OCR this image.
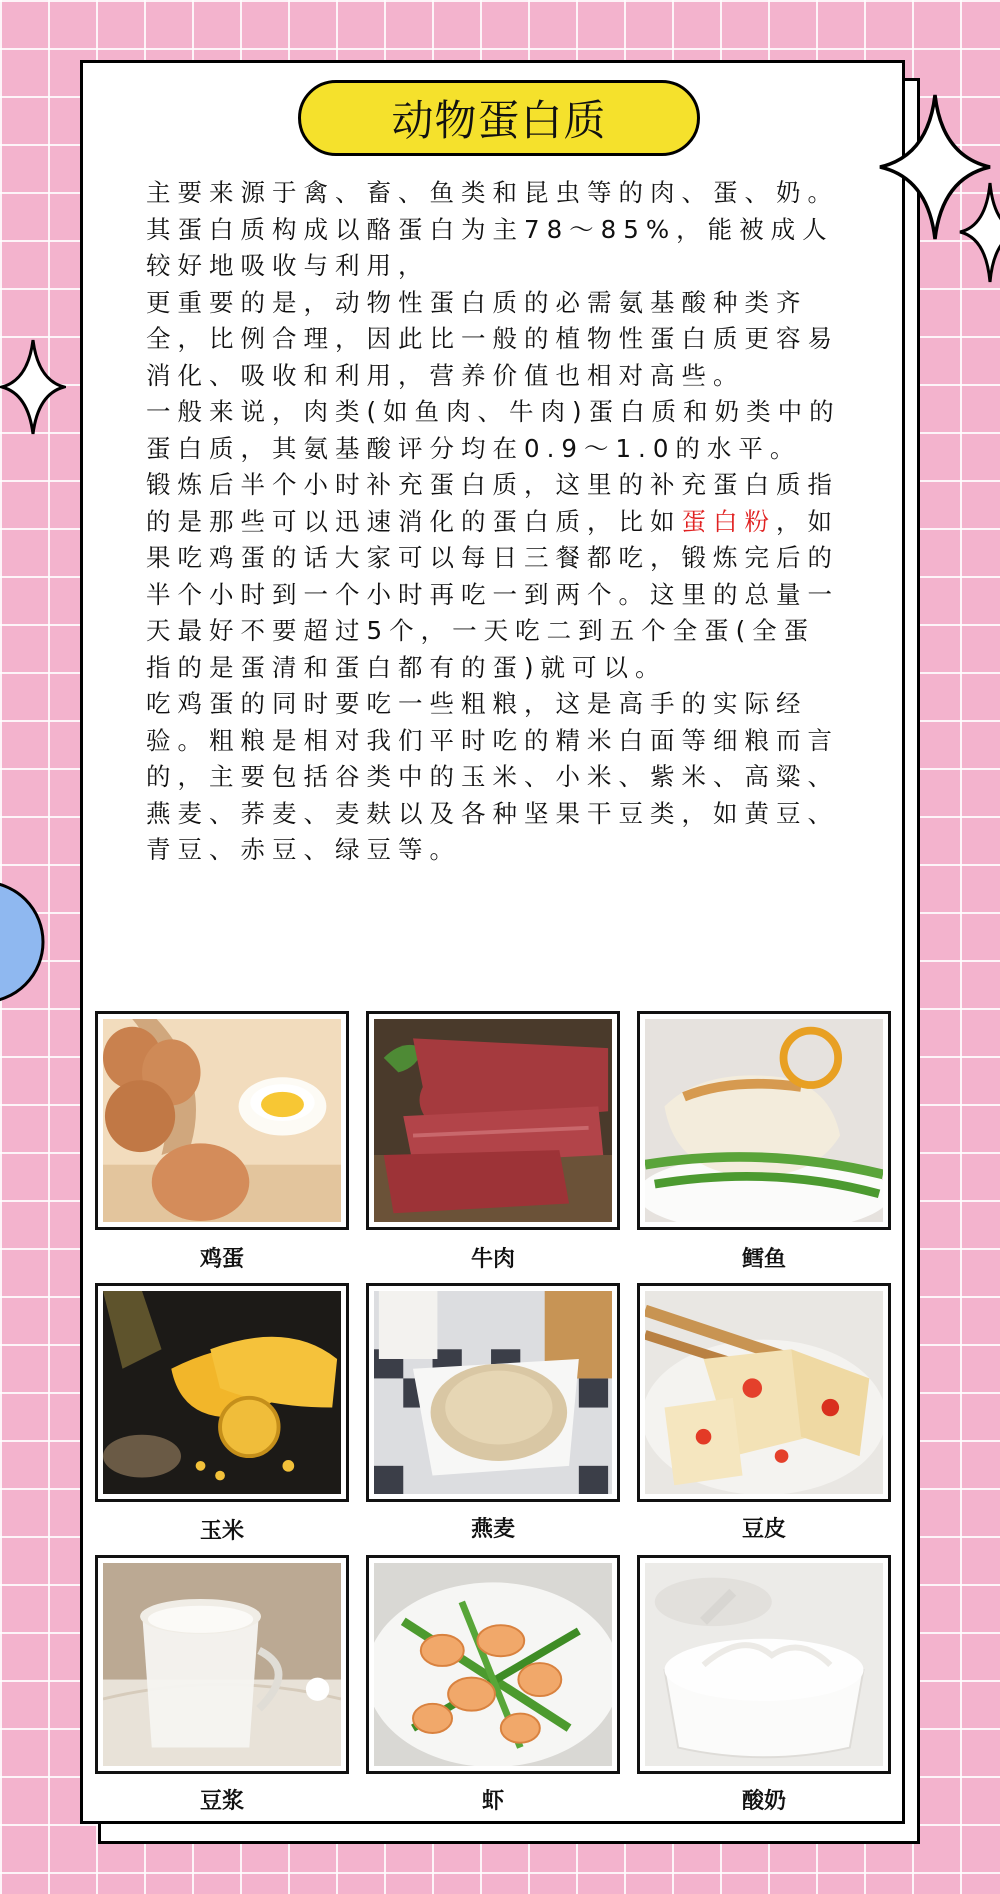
动物蛋白质

主要来源于禽、畜、鱼类和昆虫等的肉、蛋、奶。其蛋白质构成以酪蛋白为主78～85%，能被成人较好地吸收与利用，

更重要的是，动物性蛋白质的必需氨基酸种类齐全，比例合理，因此比一般的植物性蛋白质更容易消化、吸收和利用，营养价值也相对高些。

一般来说，肉类(如鱼肉、牛肉)蛋白质和奶类中的蛋白质，其氨基酸评分均在0.9～1.0的水平。

锻炼后半个小时补充蛋白质，这里的补充蛋白质指的是那些可以迅速消化的蛋白质，比如蛋白粉，如果吃鸡蛋的话大家可以每日三餐都吃，锻炼完后的半个小时到一个小时再吃一到两个。这里的总量一天最好不要超过5个，一天吃二到五个全蛋(全蛋指的是蛋清和蛋白都有的蛋)就可以。

吃鸡蛋的同时要吃一些粗粮，这是高手的实际经验。粗粮是相对我们平时吃的精米白面等细粮而言的，主要包括谷类中的玉米、小米、紫米、高粱、燕麦、荞麦、麦麸以及各种坚果干豆类，如黄豆、青豆、赤豆、绿豆等。

鸡蛋	牛肉	鳕鱼
玉米	燕麦	豆皮
豆浆	虾	酸奶
